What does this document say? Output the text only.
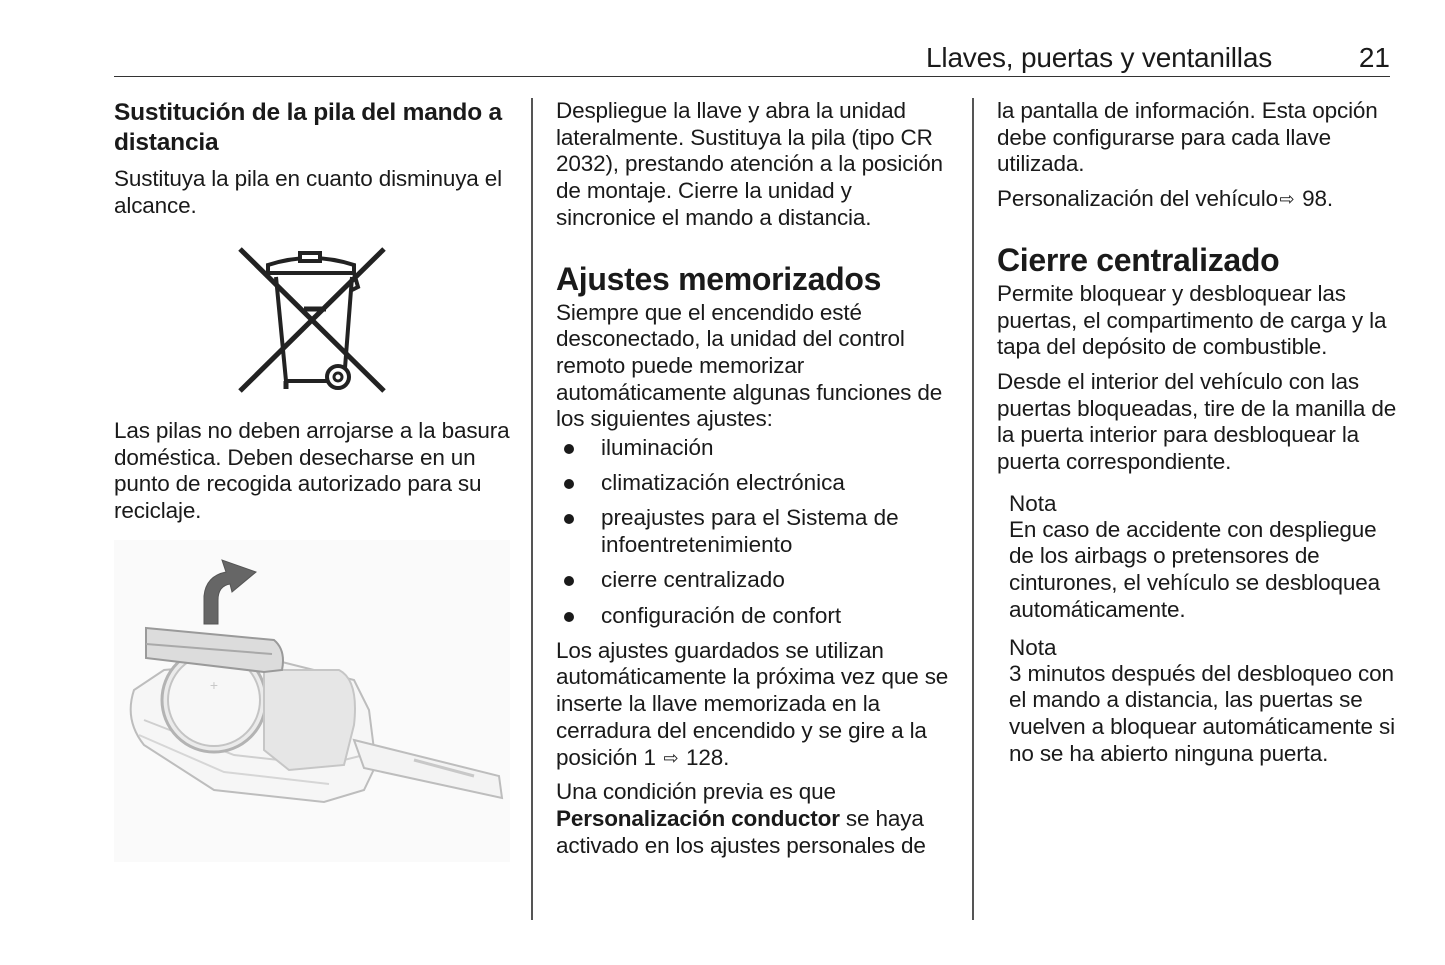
Llaves, puertas y ventanillas	21
Sustitución de la pila del mando a distancia

Sustituya la pila en cuanto disminuya el alcance.

Las pilas no deben arrojarse a la basura doméstica. Deben desecharse en un punto de recogida autorizado para su reciclaje.

+

Despliegue la llave y abra la unidad lateralmente. Sustituya la pila (tipo CR 2032), prestando atención a la posición de montaje. Cierre la unidad y sincronice el mando a distancia.

Ajustes memorizados

Siempre que el encendido esté desconectado, la unidad del control remoto puede memorizar automáticamente algunas funciones de los siguientes ajustes:

iluminación
climatización electrónica
preajustes para el Sistema de infoentretenimiento
cierre centralizado
configuración de confort

Los ajustes guardados se utilizan automáticamente la próxima vez que se inserte la llave memorizada en la cerradura del encendido y se gire a la posición 1 ⇨ 128.

Una condición previa es que Personalización conductor se haya activado en los ajustes personales de

la pantalla de información. Esta opción debe configurarse para cada llave utilizada.

Personalización del vehículo⇨ 98.

Cierre centralizado

Permite bloquear y desbloquear las puertas, el compartimento de carga y la tapa del depósito de combustible.

Desde el interior del vehículo con las puertas bloqueadas, tire de la manilla de la puerta interior para desbloquear la puerta correspondiente.

Nota

En caso de accidente con despliegue de los airbags o pretensores de cinturones, el vehículo se desbloquea automáticamente.

Nota

3 minutos después del desbloqueo con el mando a distancia, las puertas se vuelven a bloquear automáticamente si no se ha abierto ninguna puerta.
